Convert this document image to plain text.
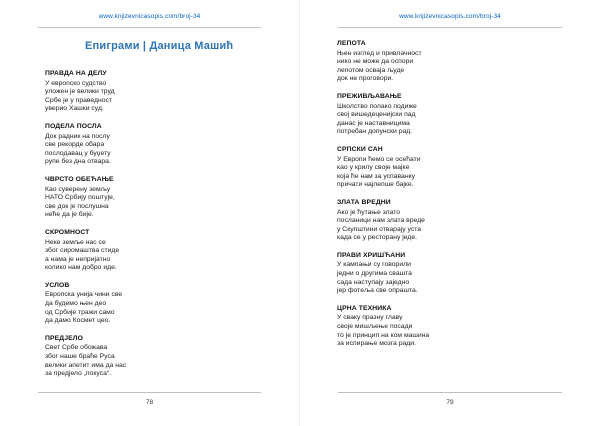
www.knjizevnicasopis.com/broj-34
Епиграми | Даница Машић
ПРАВДА НА ДЕЛУ
У европско судство
уложен је велики труд
Србе је у праведност
уверио Хашки суд.
ПОДЕЛА ПОСЛА
Док радник на послу
све рекорде обара
послодавац у буџету
рупе без дна отвара.
ЧВРСТО ОБЕЋАЊЕ
Као суверену земљу
НАТО Србију поштује,
све док је послушна
неће да је бије.
СКРОМНОСТ
Неке земље нас се
због сиромаштва стиде
а нама је непријатно
колико нам добро иде.
УСЛОВ
Европска унија чини све
да будемо њен део
од Србије тражи само
да дамо Космет цео.
ПРЕДЈЕЛО
Свет Србе обожава
због наше браће Руса
велики апетит има да нас
за предјело „покуса“.
78
www.knjizevnicasopis.com/broj-34
ЛЕПОТА
Њен изглед и привлачност
нико не може да оспори
лепотом осваја људе
док не проговори.
ПРЕЖИВЉАВАЊЕ
Школство полако подиже
свој вишедеценијски пад
данас је наставницима
потребан допунски рад.
СРПСКИ САН
У Европи ћемо се осећати
као у крилу своје мајке
која ће нам за успаванку
причати најлепше бајке.
ЗЛАТА ВРЕДНИ
Ако је ћутање злато
посланици нам злата вреде
у Скупштини отварају уста
када се у ресторану једе.
ПРАВИ ХРИШЋАНИ
У кампањи су говорили
једни о другима свашта
сада наступају заједно
јер фотеља све опрашта.
ЦРНА ТЕХНИКА
У сваку празну главу
своје мишљење посади
то је принцип на ком машина
за испирање мозга ради.
79
